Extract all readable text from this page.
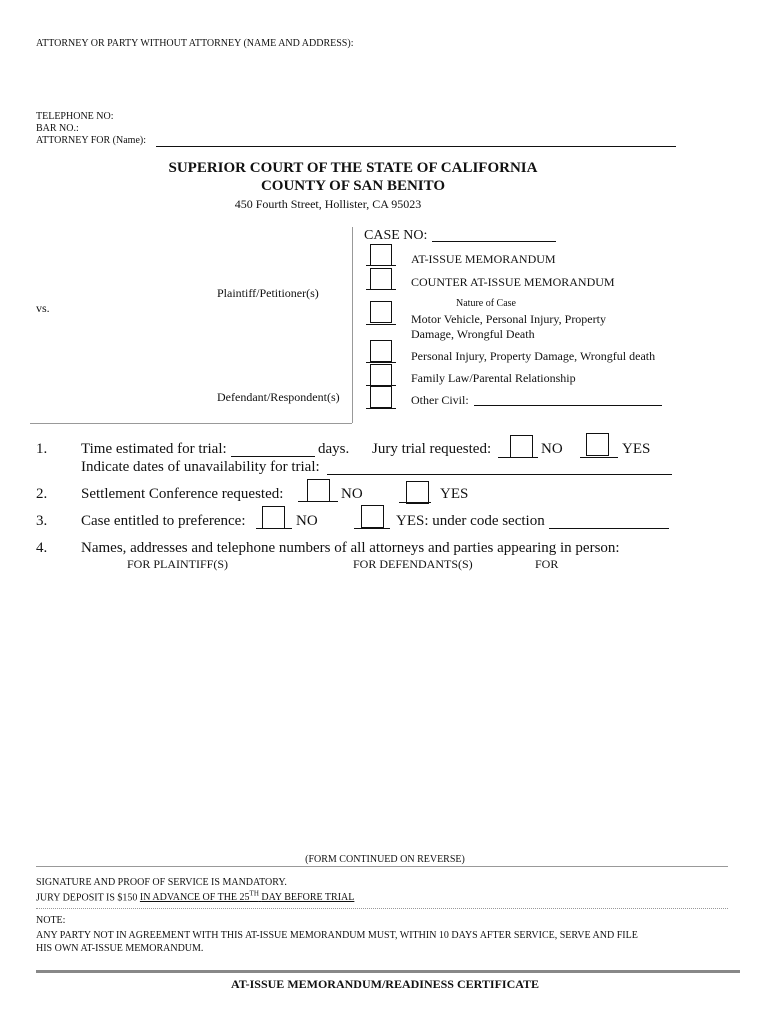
ATTORNEY OR PARTY WITHOUT ATTORNEY (NAME AND ADDRESS):
TELEPHONE NO:
BAR NO.:
ATTORNEY FOR (Name):
SUPERIOR COURT OF THE STATE OF CALIFORNIA
COUNTY OF SAN BENITO
450 Fourth Street, Hollister, CA 95023
Plaintiff/Petitioner(s)
vs.
Defendant/Respondent(s)
CASE NO:
AT-ISSUE MEMORANDUM
COUNTER AT-ISSUE MEMORANDUM
Nature of Case
Motor Vehicle, Personal Injury, Property
Damage, Wrongful Death
Personal Injury, Property Damage, Wrongful death
Family Law/Parental Relationship
Other Civil:
1. Time estimated for trial:	days. Jury trial requested:	NO	YES
Indicate dates of unavailability for trial:
2. Settlement Conference requested:	NO	YES
3. Case entitled to preference:	NO	YES: under code section
4. Names, addresses and telephone numbers of all attorneys and parties appearing in person:
FOR PLAINTIFF(S)	FOR DEFENDANTS(S)	FOR
(FORM CONTINUED ON REVERSE)
SIGNATURE AND PROOF OF SERVICE IS MANDATORY.
JURY DEPOSIT IS $150 IN ADVANCE OF THE 25TH DAY BEFORE TRIAL
NOTE:
ANY PARTY NOT IN AGREEMENT WITH THIS AT-ISSUE MEMORANDUM MUST, WITHIN 10 DAYS AFTER SERVICE, SERVE AND FILE
HIS OWN AT-ISSUE MEMORANDUM.
AT-ISSUE MEMORANDUM/READINESS CERTIFICATE
